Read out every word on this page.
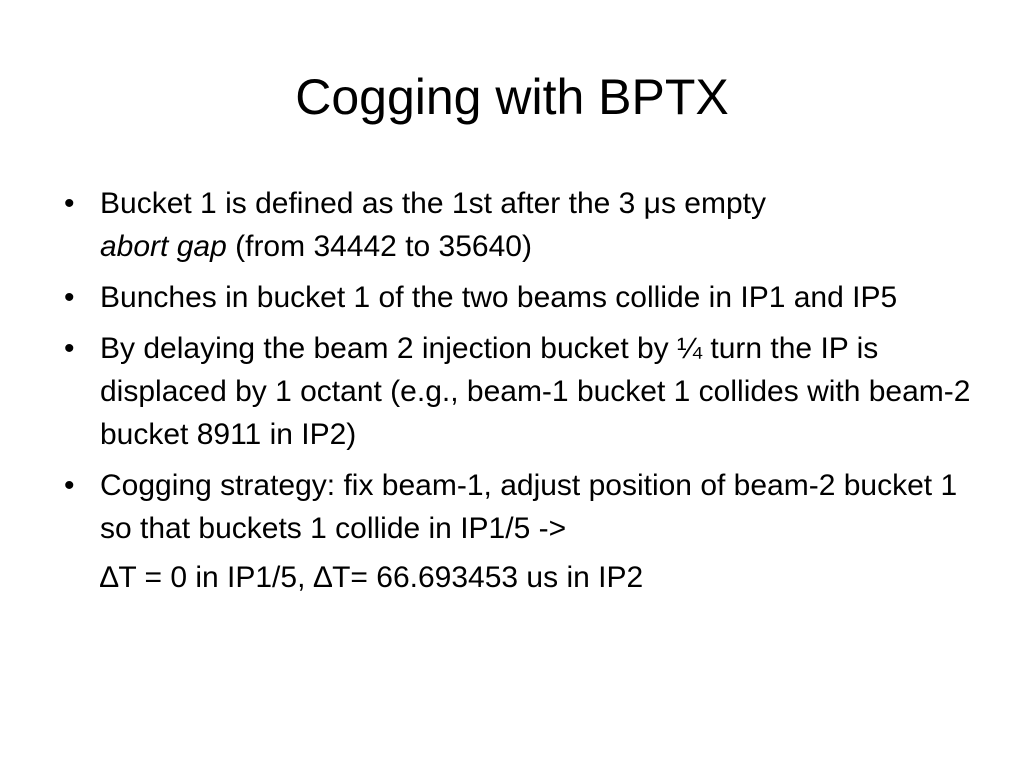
Cogging with BPTX
• Bucket 1 is defined as the 1st after the 3 μs empty
abort gap (from 34442 to 35640)
• Bunches in bucket 1 of the two beams collide in IP1 and IP5
• By delaying the beam 2 injection bucket by ¼ turn the IP is displaced by 1 octant (e.g., beam-1 bucket 1 collides with beam-2 bucket 8911 in IP2)
• Cogging strategy: fix beam-1, adjust position of beam-2 bucket 1 so that buckets 1 collide in IP1/5 ->
∆T = 0 in IP1/5, ∆T= 66.693453 us in IP2
